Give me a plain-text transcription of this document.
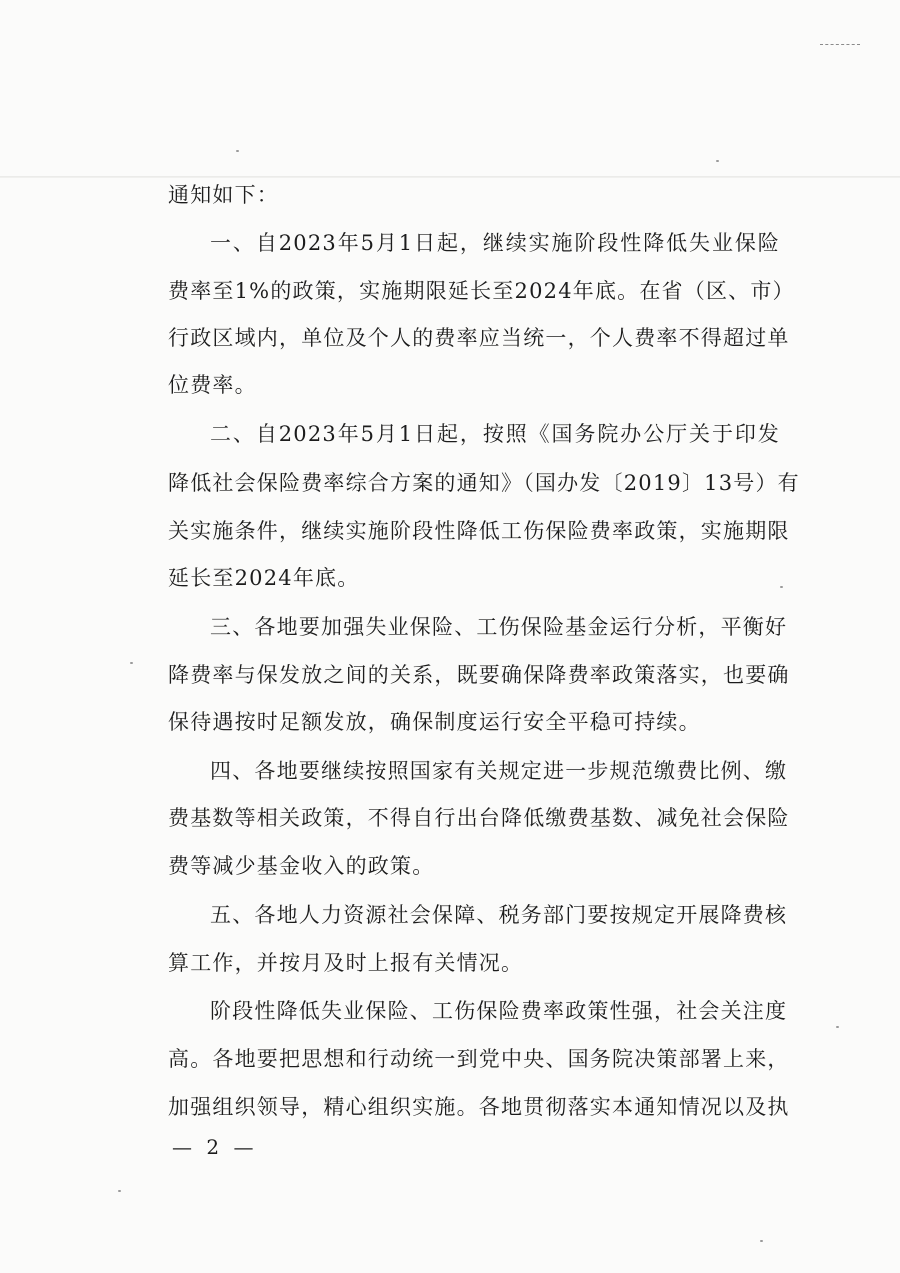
通知如下：
一、自2023年5月1日起，继续实施阶段性降低失业保险
费率至1%的政策，实施期限延长至2024年底。在省（区、市）
行政区域内，单位及个人的费率应当统一，个人费率不得超过单
位费率。
二、自2023年5月1日起，按照《国务院办公厅关于印发
降低社会保险费率综合方案的通知》（国办发〔2019〕13号）有
关实施条件，继续实施阶段性降低工伤保险费率政策，实施期限
延长至2024年底。
三、各地要加强失业保险、工伤保险基金运行分析，平衡好
降费率与保发放之间的关系，既要确保降费率政策落实，也要确
保待遇按时足额发放，确保制度运行安全平稳可持续。
四、各地要继续按照国家有关规定进一步规范缴费比例、缴
费基数等相关政策，不得自行出台降低缴费基数、减免社会保险
费等减少基金收入的政策。
五、各地人力资源社会保障、税务部门要按规定开展降费核
算工作，并按月及时上报有关情况。
阶段性降低失业保险、工伤保险费率政策性强，社会关注度
高。各地要把思想和行动统一到党中央、国务院决策部署上来，
加强组织领导，精心组织实施。各地贯彻落实本通知情况以及执
— 2 —
